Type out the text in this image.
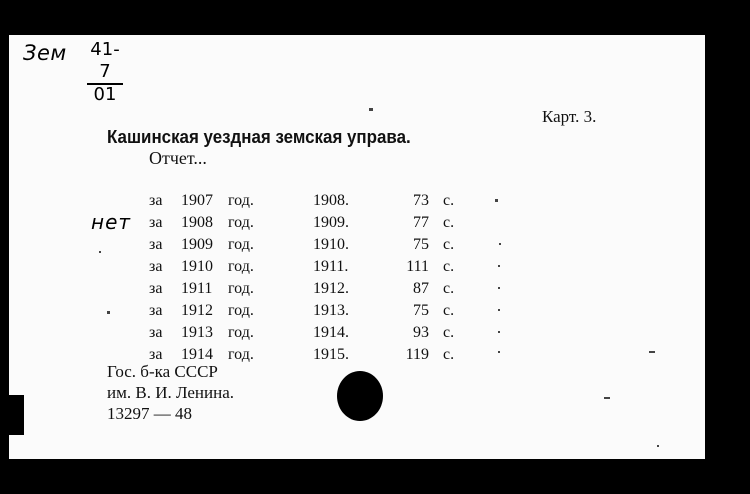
Зем 41-7
01
Карт. 3.
Кашинская уездная земская управа.
Отчет...
нет
за 1907 год.	1908.	73 с.
за 1908 год.	1909.	77 с.
за 1909 год.	1910.	75 с.
за 1910 год.	1911.	111 с.
за 1911 год.	1912.	87 с.
за 1912 год.	1913.	75 с.
за 1913 год.	1914.	93 с.
за 1914 год.	1915.	119 с.
Гос. б-ка СССР
им. В. И. Ленина.
13297 — 48
